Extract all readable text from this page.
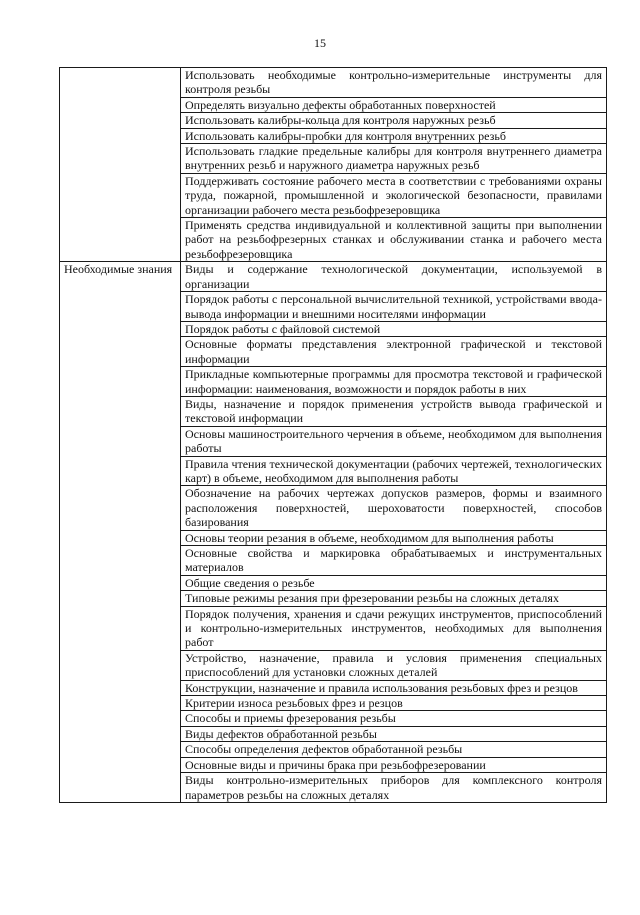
15
	Использовать необходимые контрольно-измерительные инструменты для контроля резьбы
	Определять визуально дефекты обработанных поверхностей
	Использовать калибры-кольца для контроля наружных резьб
	Использовать калибры-пробки для контроля внутренних резьб
	Использовать гладкие предельные калибры для контроля внутреннего диаметра внутренних резьб и наружного диаметра наружных резьб
	Поддерживать состояние рабочего места в соответствии с требованиями охраны труда, пожарной, промышленной и экологической безопасности, правилами организации рабочего места резьбофрезеровщика
	Применять средства индивидуальной и коллективной защиты при выполнении работ на резьбофрезерных станках и обслуживании станка и рабочего места резьбофрезеровщика
Необходимые знания	Виды и содержание технологической документации, используемой в организации
	Порядок работы с персональной вычислительной техникой, устройствами ввода-вывода информации и внешними носителями информации
	Порядок работы с файловой системой
	Основные форматы представления электронной графической и текстовой информации
	Прикладные компьютерные программы для просмотра текстовой и графической информации: наименования, возможности и порядок работы в них
	Виды, назначение и порядок применения устройств вывода графической и текстовой информации
	Основы машиностроительного черчения в объеме, необходимом для выполнения работы
	Правила чтения технической документации (рабочих чертежей, технологических карт) в объеме, необходимом для выполнения работы
	Обозначение на рабочих чертежах допусков размеров, формы и взаимного расположения поверхностей, шероховатости поверхностей, способов базирования
	Основы теории резания в объеме, необходимом для выполнения работы
	Основные свойства и маркировка обрабатываемых и инструментальных материалов
	Общие сведения о резьбе
	Типовые режимы резания при фрезеровании резьбы на сложных деталях
	Порядок получения, хранения и сдачи режущих инструментов, приспособлений и контрольно-измерительных инструментов, необходимых для выполнения работ
	Устройство, назначение, правила и условия применения специальных приспособлений для установки сложных деталей
	Конструкции, назначение и правила использования резьбовых фрез и резцов
	Критерии износа резьбовых фрез и резцов
	Способы и приемы фрезерования резьбы
	Виды дефектов обработанной резьбы
	Способы определения дефектов обработанной резьбы
	Основные виды и причины брака при резьбофрезеровании
	Виды контрольно-измерительных приборов для комплексного контроля параметров резьбы на сложных деталях
